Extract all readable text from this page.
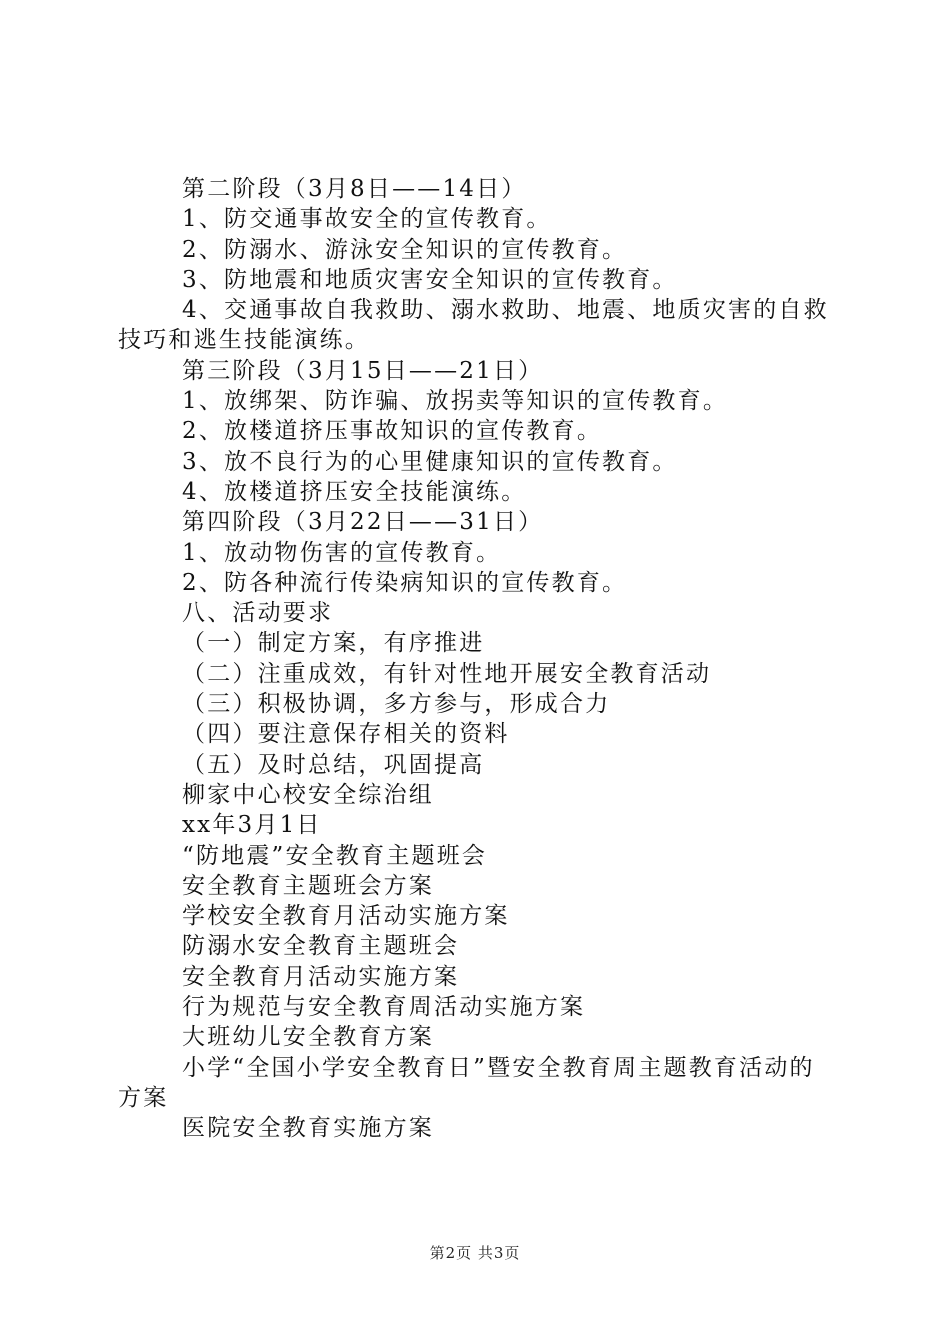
第二阶段（3月8日——14日）

1、防交通事故安全的宣传教育。

2、防溺水、游泳安全知识的宣传教育。

3、防地震和地质灾害安全知识的宣传教育。

4、交通事故自我救助、溺水救助、地震、地质灾害的自救技巧和逃生技能演练。

第三阶段（3月15日——21日）

1、放绑架、防诈骗、放拐卖等知识的宣传教育。

2、放楼道挤压事故知识的宣传教育。

3、放不良行为的心里健康知识的宣传教育。

4、放楼道挤压安全技能演练。

第四阶段（3月22日——31日）

1、放动物伤害的宣传教育。

2、防各种流行传染病知识的宣传教育。

八、活动要求

（一）制定方案，有序推进

（二）注重成效，有针对性地开展安全教育活动

（三）积极协调，多方参与，形成合力

（四）要注意保存相关的资料

（五）及时总结，巩固提高

柳家中心校安全综治组

xx年3月1日

“防地震”安全教育主题班会

安全教育主题班会方案

学校安全教育月活动实施方案

防溺水安全教育主题班会

安全教育月活动实施方案

行为规范与安全教育周活动实施方案

大班幼儿安全教育方案

小学“全国小学安全教育日”暨安全教育周主题教育活动的方案

医院安全教育实施方案

第2页 共3页
